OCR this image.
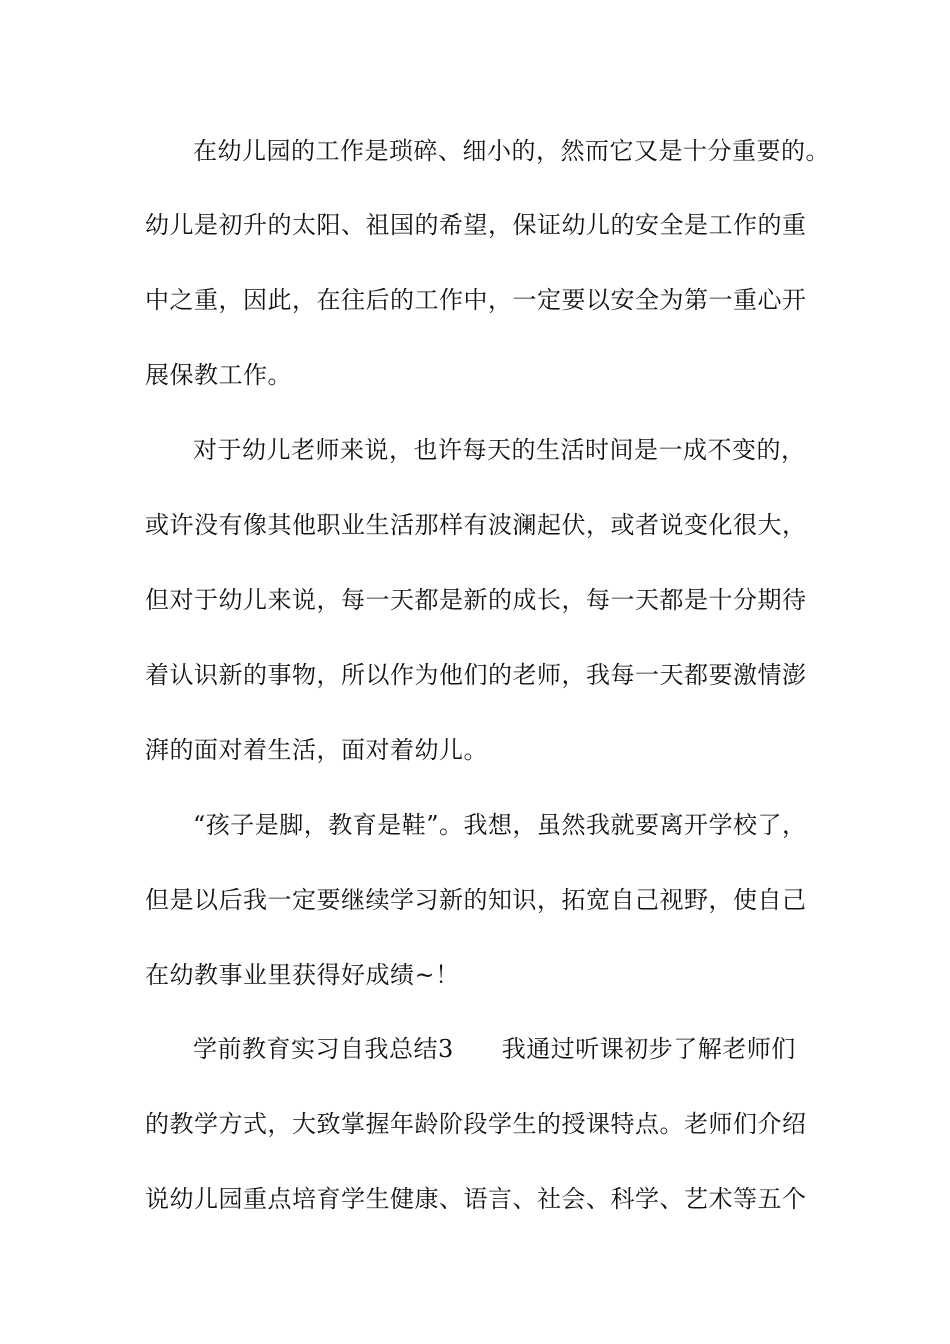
在幼儿园的工作是琐碎、细小的，然而它又是十分重要的。
幼儿是初升的太阳、祖国的希望，保证幼儿的安全是工作的重
中之重，因此，在往后的工作中，一定要以安全为第一重心开
展保教工作。
对于幼儿老师来说，也许每天的生活时间是一成不变的，
或许没有像其他职业生活那样有波澜起伏，或者说变化很大，
但对于幼儿来说，每一天都是新的成长，每一天都是十分期待
着认识新的事物，所以作为他们的老师，我每一天都要激情澎
湃的面对着生活，面对着幼儿。
“孩子是脚，教育是鞋”。我想，虽然我就要离开学校了，
但是以后我一定要继续学习新的知识，拓宽自己视野，使自己
在幼教事业里获得好成绩~！
学前教育实习自我总结3 我通过听课初步了解老师们
的教学方式，大致掌握年龄阶段学生的授课特点。老师们介绍
说幼儿园重点培育学生健康、语言、社会、科学、艺术等五个
